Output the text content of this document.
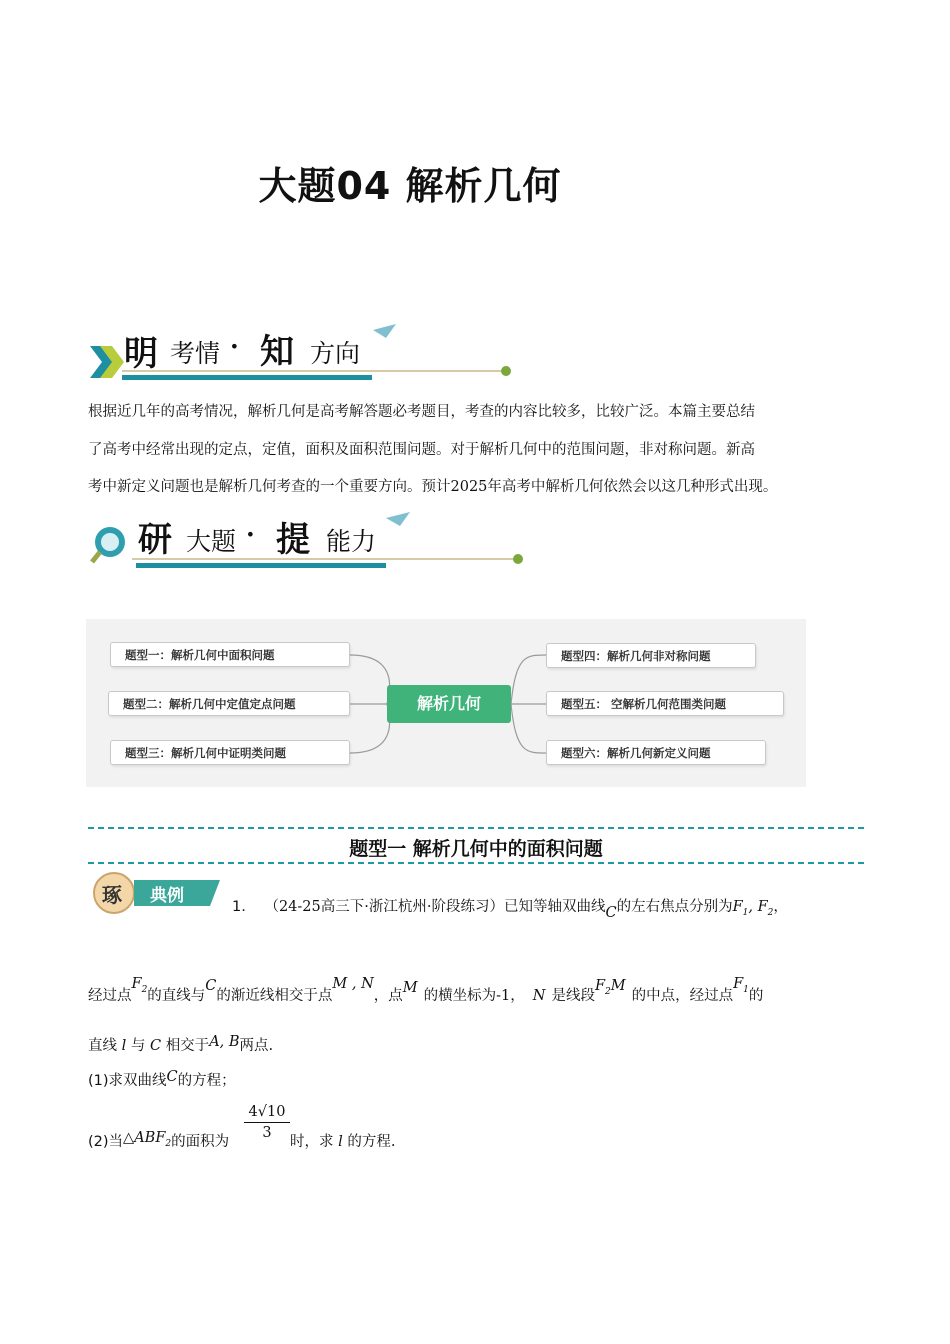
大题04 解析几何
明 考情 · 知 方向
根据近几年的高考情况，解析几何是高考解答题必考题目，考查的内容比较多，比较广泛。本篇主要总结
了高考中经常出现的定点，定值，面积及面积范围问题。对于解析几何中的范围问题，非对称问题。新高
考中新定义问题也是解析几何考查的一个重要方向。预计2025年高考中解析几何依然会以这几种形式出现。
研 大题 · 提 能力
题型一：解析几何中面积问题
题型二：解析几何中定值定点问题
题型三：解析几何中证明类问题
解析几何
题型四：解析几何非对称问题
题型五： 空解析几何范围类问题
题型六：解析几何新定义问题
题型一 解析几何中的面积问题
琢 典例
1. （24-25高三下·浙江杭州·阶段练习）已知等轴双曲线C的左右焦点分别为$F_1$, $F_2$，
经过点$F_2$的直线与C的渐近线相交于点M , N，点M 的横坐标为-1， N 是线段$F_2M$的中点，经过点$F_1$的
直线 l 与 C 相交于A, B两点.
(1)求双曲线C的方程；
(2)当$\triangle ABF_2$的面积为
$\frac{4√10}{3}$
时，求 l 的方程.
